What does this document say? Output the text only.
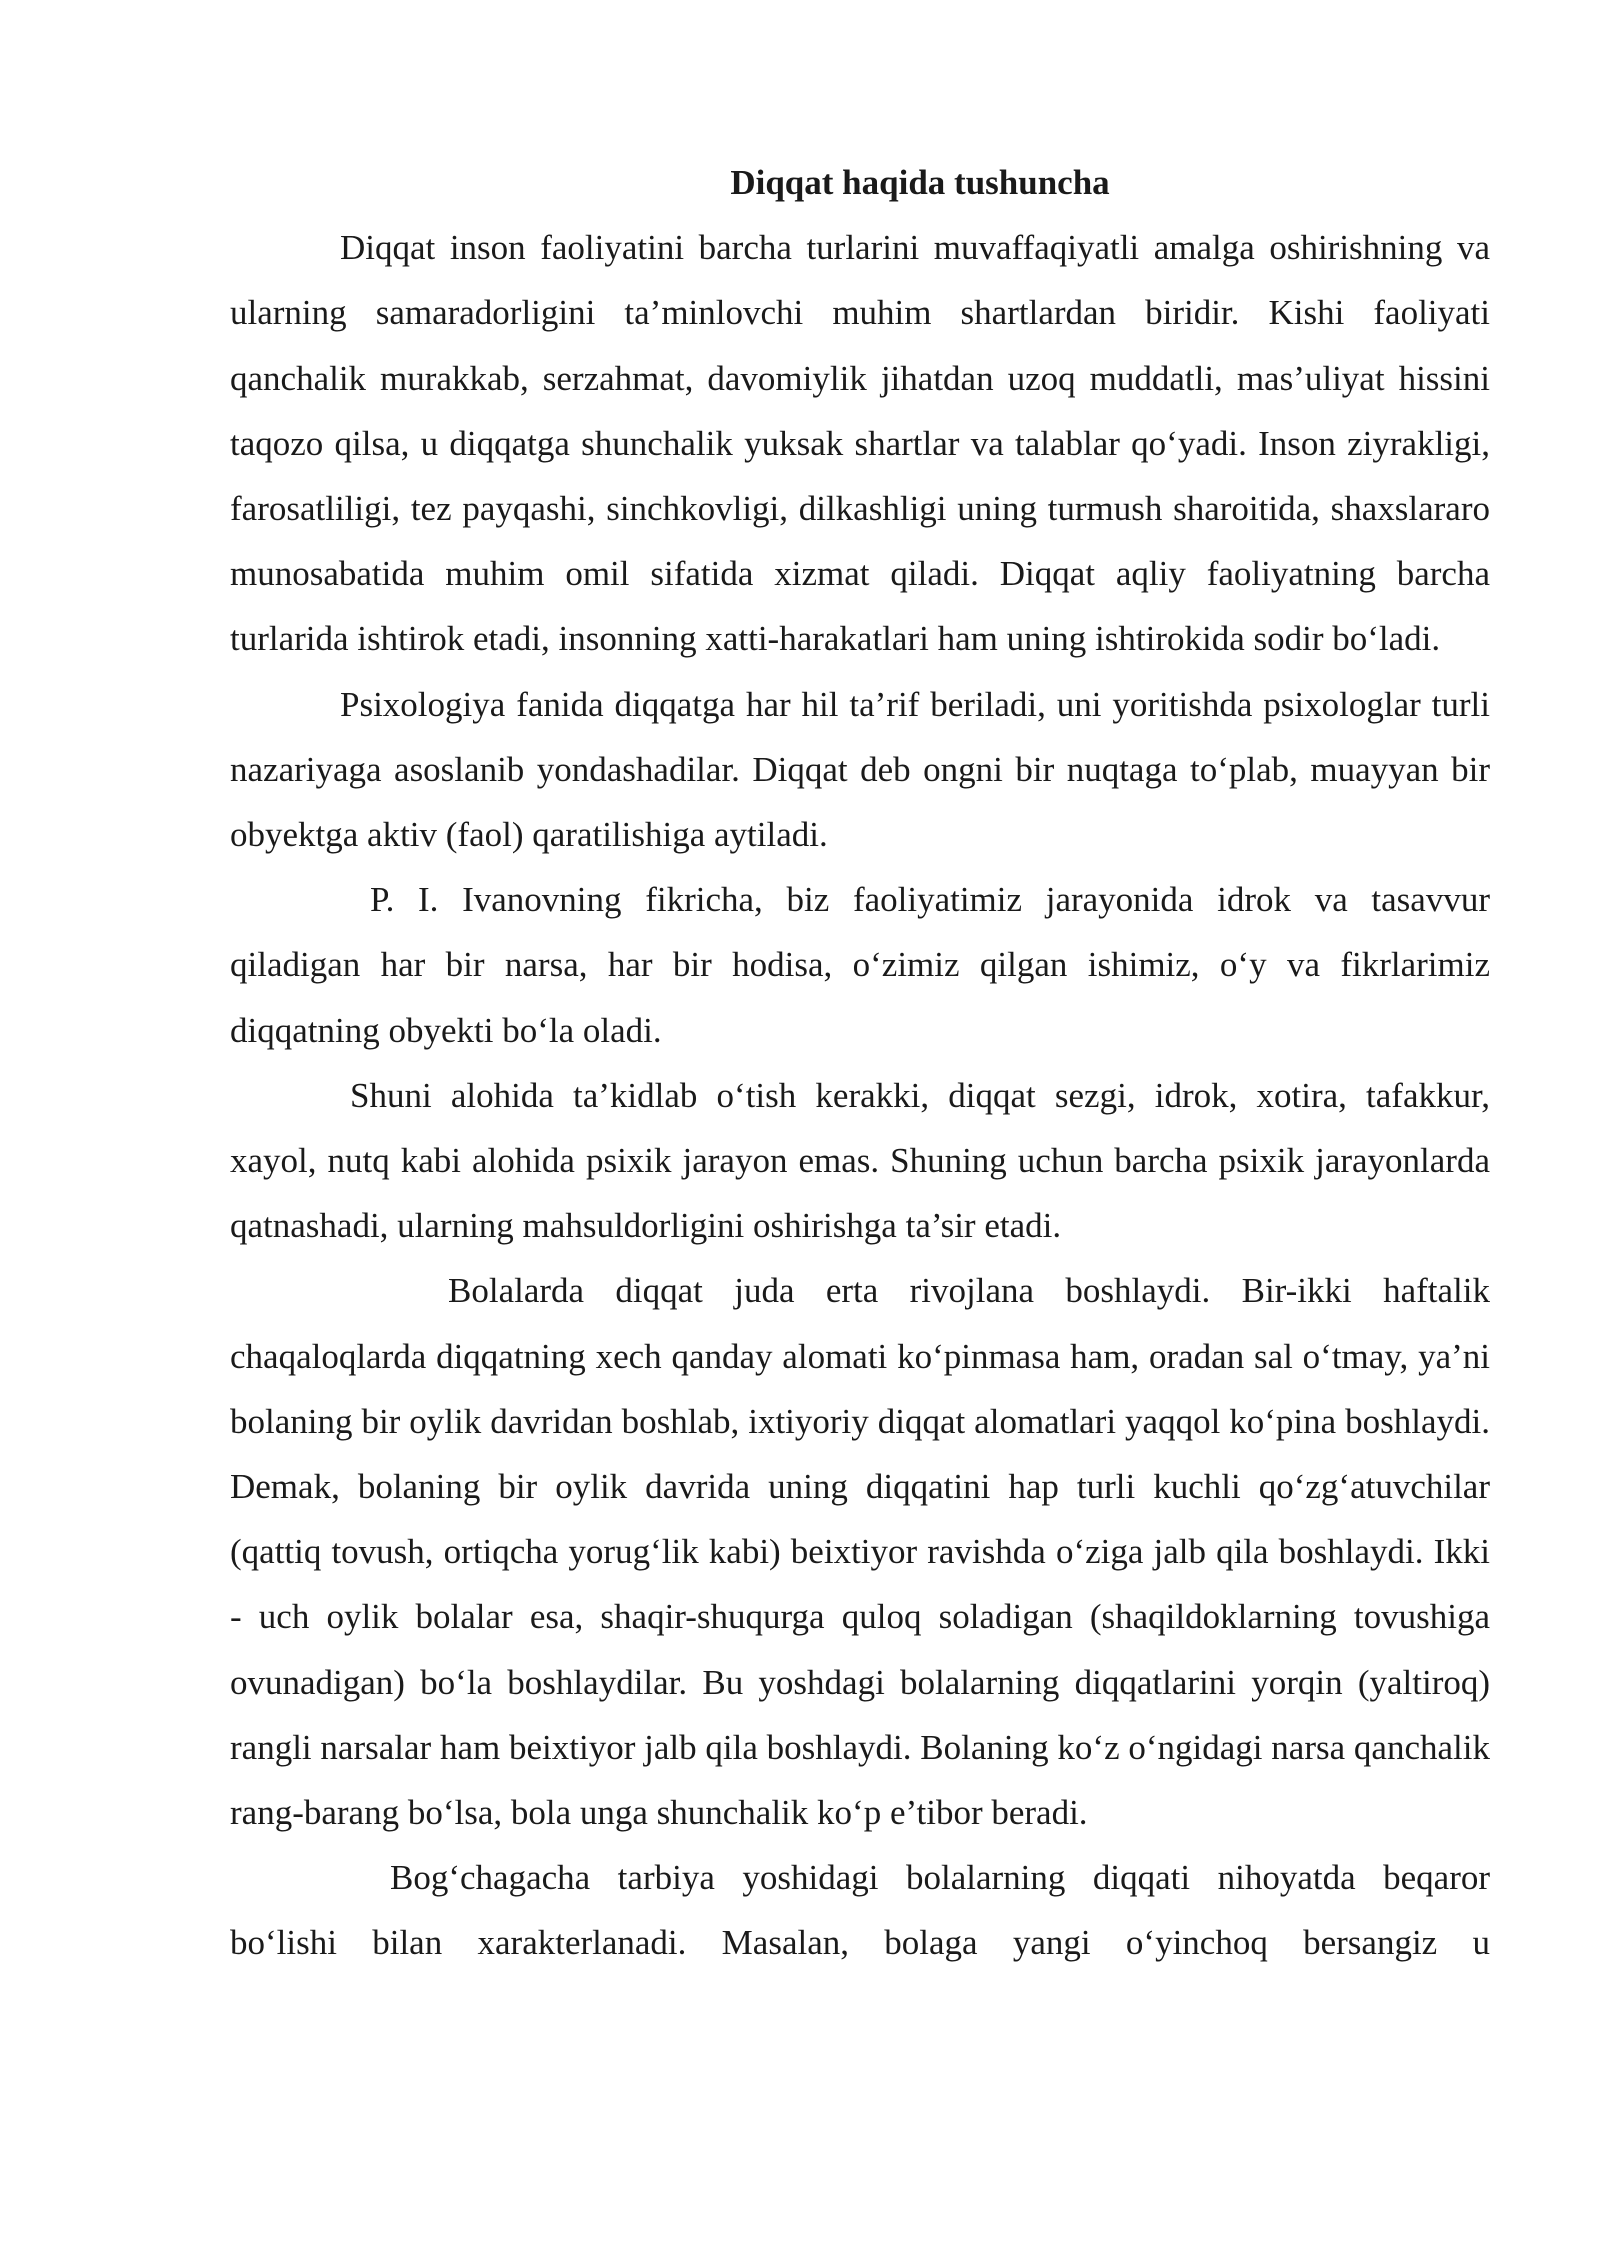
Diqqat haqida tushuncha

Diqqat inson faoliyatini barcha turlarini muvaffaqiyatli amalga oshirishning va ularning samaradorligini ta’minlovchi muhim shartlardan biridir. Kishi faoliyati qanchalik murakkab, serzahmat, davomiylik jihatdan uzoq muddatli, mas’uliyat hissini taqozo qilsa, u diqqatga shunchalik yuksak shartlar va talablar qo‘yadi. Inson ziyrakligi, farosatliligi, tez payqashi, sinchkovligi, dilkashligi uning turmush sharoitida, shaxslararo munosabatida muhim omil sifatida xizmat qiladi. Diqqat aqliy faoliyatning barcha turlarida ishtirok etadi, insonning xatti-harakatlari ham uning ishtirokida sodir bo‘ladi.

Psixologiya fanida diqqatga har hil ta’rif beriladi, uni yoritishda psixologlar turli nazariyaga asoslanib yondashadilar. Diqqat deb ongni bir nuqtaga to‘plab, muayyan bir obyektga aktiv (faol) qaratilishiga aytiladi.

P. I. Ivanovning fikricha, biz faoliyatimiz jarayonida idrok va tasavvur qiladigan har bir narsa, har bir hodisa, o‘zimiz qilgan ishimiz, o‘y va fikrlarimiz diqqatning obyekti bo‘la oladi.

Shuni alohida ta’kidlab o‘tish kerakki, diqqat sezgi, idrok, xotira, tafakkur, xayol, nutq kabi alohida psixik jarayon emas. Shuning uchun barcha psixik jarayonlarda qatnashadi, ularning mahsuldorligini oshirishga ta’sir etadi.

Bolalarda diqqat juda erta rivojlana boshlaydi. Bir-ikki haftalik chaqaloqlarda diqqatning xech qanday alomati ko‘pinmasa ham, oradan sal o‘tmay, ya’ni bolaning bir oylik davridan boshlab, ixtiyoriy diqqat alomatlari yaqqol ko‘pina boshlaydi. Demak, bolaning bir oylik davrida uning diqqatini hap turli kuchli qo‘zg‘atuvchilar (qattiq tovush, ortiqcha yorug‘lik kabi) beixtiyor ravishda o‘ziga jalb qila boshlaydi. Ikki - uch oylik bolalar esa, shaqir-shuqurga quloq soladigan (shaqildoklarning tovushiga ovunadigan) bo‘la boshlaydilar. Bu yoshdagi bolalarning diqqatlarini yorqin (yaltiroq) rangli narsalar ham beixtiyor jalb qila boshlaydi. Bolaning ko‘z o‘ngidagi narsa qanchalik rang-barang bo‘lsa, bola unga shunchalik ko‘p e’tibor beradi.

Bog‘chagacha tarbiya yoshidagi bolalarning diqqati nihoyatda beqaror bo‘lishi bilan xarakterlanadi. Masalan, bolaga yangi o‘yinchoq bersangiz u
